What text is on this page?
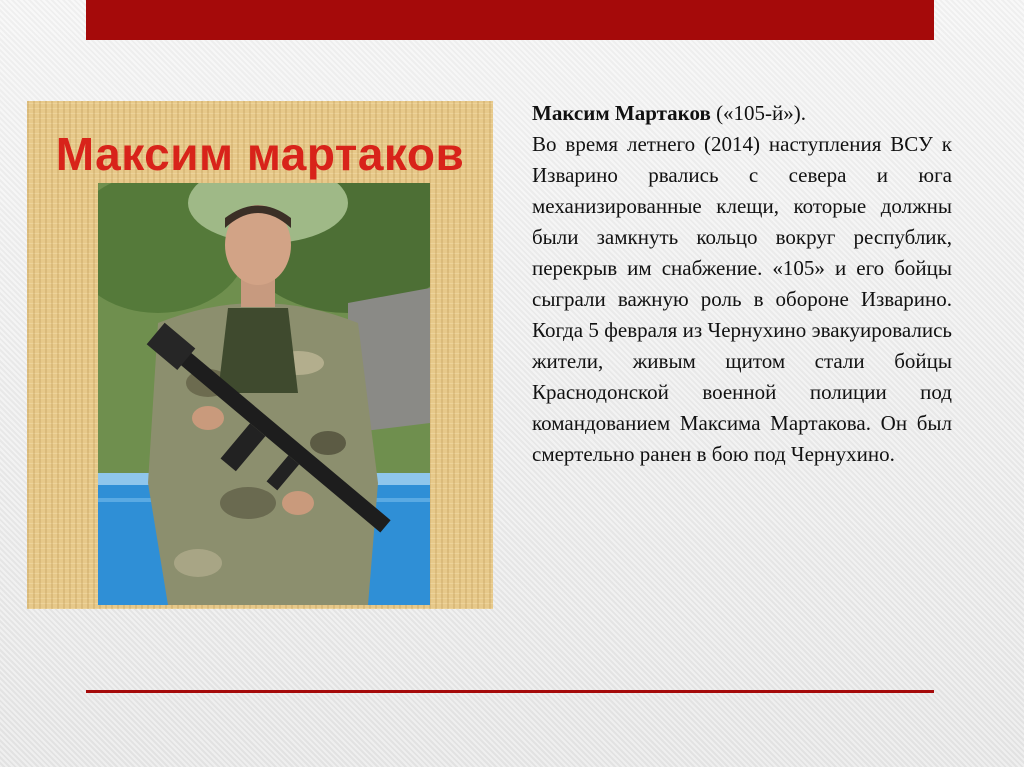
Максим мартаков

Максим Мартаков («105-й»).

Во время летнего (2014) наступления ВСУ к Изварино рвались с севера и юга механизированные клещи, которые должны были замкнуть кольцо вокруг республик, перекрыв им снабжение. «105» и его бойцы сыграли важную роль в обороне Изварино. Когда 5 февраля из Чернухино эвакуировались жители, живым щитом стали бойцы Краснодонской военной полиции под командованием Максима Мартакова. Он был смертельно ранен в бою под Чернухино.
